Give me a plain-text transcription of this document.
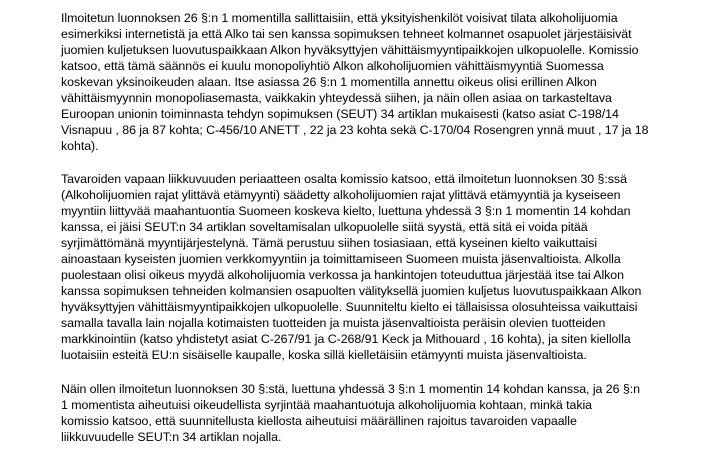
Ilmoitetun luonnoksen 26 §:n 1 momentilla sallittaisiin, että yksityishenkilöt voisivat tilata alkoholijuomia
esimerkiksi internetistä ja että Alko tai sen kanssa sopimuksen tehneet kolmannet osapuolet järjestäisivät
juomien kuljetuksen luovutuspaikkaan Alkon hyväksyttyjen vähittäismyyntipaikkojen ulkopuolelle. Komissio
katsoo, että tämä säännös ei kuulu monopoliyhtiö Alkon alkoholijuomien vähittäismyyntiä Suomessa
koskevan yksinoikeuden alaan. Itse asiassa 26 §:n 1 momentilla annettu oikeus olisi erillinen Alkon
vähittäismyynnin monopoliasemasta, vaikkakin yhteydessä siihen, ja näin ollen asiaa on tarkasteltava
Euroopan unionin toiminnasta tehdyn sopimuksen (SEUT) 34 artiklan mukaisesti (katso asiat C-198/14
Visnapuu , 86 ja 87 kohta; C-456/10 ANETT , 22 ja 23 kohta sekä C-170/04 Rosengren ynnä muut , 17 ja 18
kohta).
Tavaroiden vapaan liikkuvuuden periaatteen osalta komissio katsoo, että ilmoitetun luonnoksen 30 §:ssä
(Alkoholijuomien rajat ylittävä etämyynti) säädetty alkoholijuomien rajat ylittävä etämyyntiä ja kyseiseen
myyntiin liittyvää maahantuontia Suomeen koskeva kielto, luettuna yhdessä 3 §:n 1 momentin 14 kohdan
kanssa, ei jäisi SEUT:n 34 artiklan soveltamisalan ulkopuolelle siitä syystä, että sitä ei voida pitää
syrjimättömänä myyntijärjestelynä. Tämä perustuu siihen tosiasiaan, että kyseinen kielto vaikuttaisi
ainoastaan kyseisten juomien verkkomyyntiin ja toimittamiseen Suomeen muista jäsenvaltioista. Alkolla
puolestaan olisi oikeus myydä alkoholijuomia verkossa ja hankintojen toteuduttua järjestää itse tai Alkon
kanssa sopimuksen tehneiden kolmansien osapuolten välityksellä juomien kuljetus luovutuspaikkaan Alkon
hyväksyttyjen vähittäismyyntipaikkojen ulkopuolelle. Suunniteltu kielto ei tällaisissa olosuhteissa vaikuttaisi
samalla tavalla lain nojalla kotimaisten tuotteiden ja muista jäsenvaltioista peräisin olevien tuotteiden
markkinointiin (katso yhdistetyt asiat C-267/91 ja C-268/91 Keck ja Mithouard , 16 kohta), ja siten kiellolla
luotaisiin esteitä EU:n sisäiselle kaupalle, koska sillä kielletäisiin etämyynti muista jäsenvaltioista.
Näin ollen ilmoitetun luonnoksen 30 §:stä, luettuna yhdessä 3 §:n 1 momentin 14 kohdan kanssa, ja 26 §:n
1 momentista aiheutuisi oikeudellista syrjintää maahantuotuja alkoholijuomia kohtaan, minkä takia
komissio katsoo, että suunnitellusta kiellosta aiheutuisi määrällinen rajoitus tavaroiden vapaalle
liikkuvuudelle SEUT:n 34 artiklan nojalla.
